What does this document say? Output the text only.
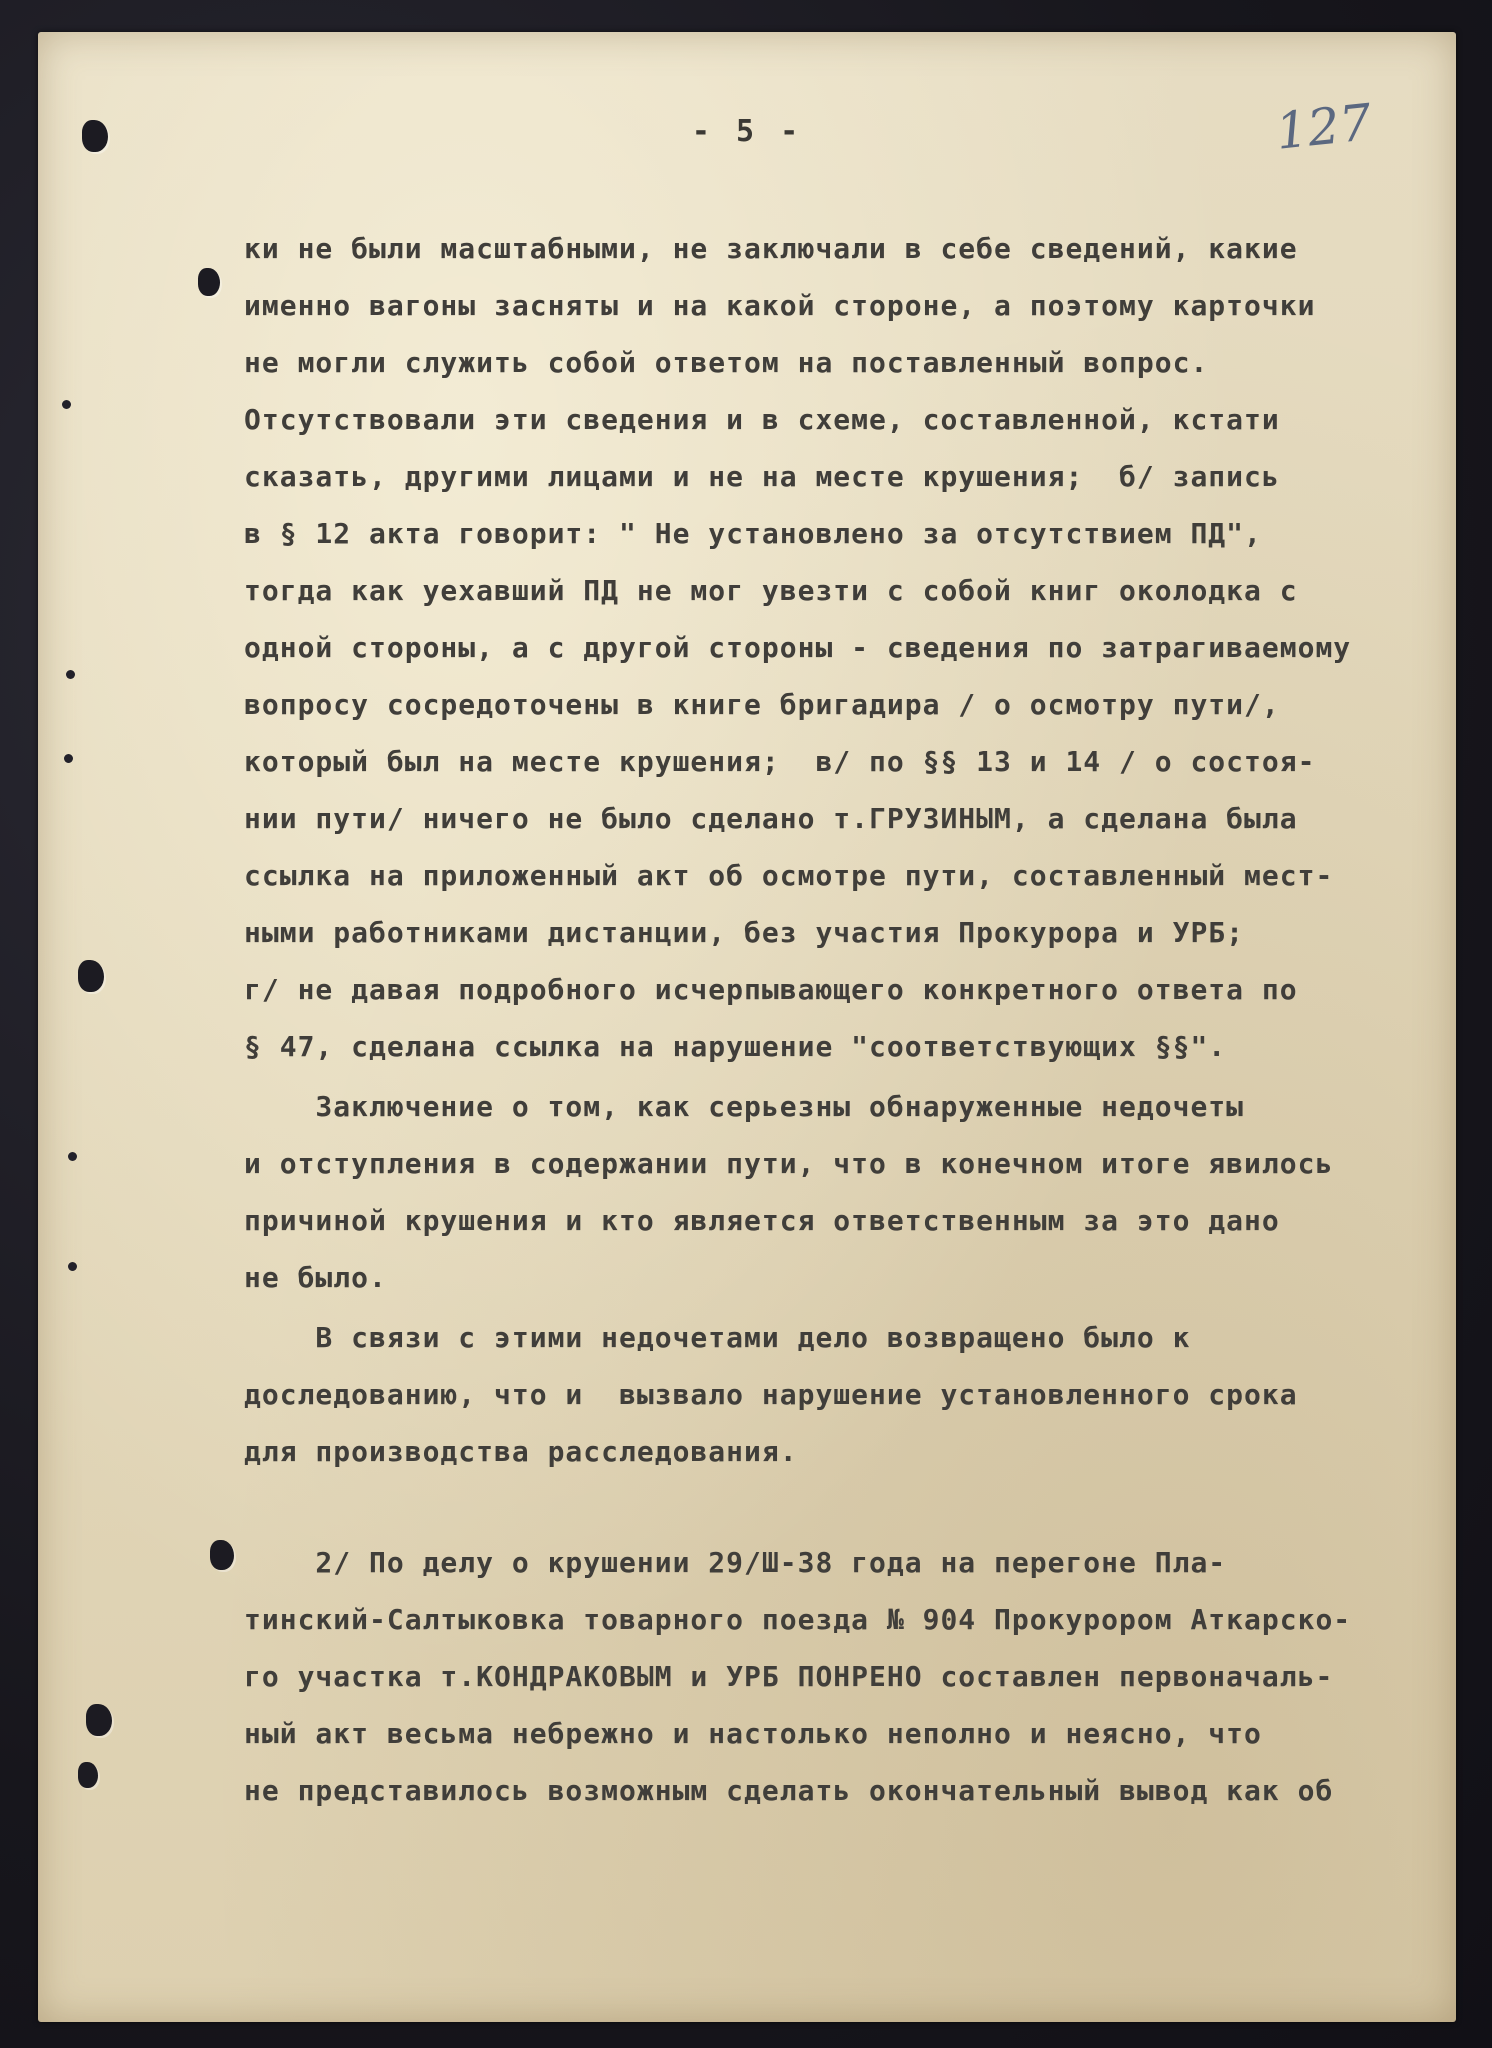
- 5 -	127
ки не были масштабными, не заключали в себе сведений, какие
именно вагоны засняты и на какой стороне, а поэтому карточки
не могли служить собой ответом на поставленный вопрос.
Отсутствовали эти сведения и в схеме, составленной, кстати
сказать, другими лицами и не на месте крушения;  б/ запись
в § 12 акта говорит: " Не установлено за отсутствием ПД",
тогда как уехавший ПД не мог увезти с собой книг околодка с
одной стороны, а с другой стороны - сведения по затрагиваемому
вопросу сосредоточены в книге бригадира / о осмотру пути/,
который был на месте крушения;  в/ по §§ 13 и 14 / о состоя-
нии пути/ ничего не было сделано т.ГРУЗИНЫМ, а сделана была
ссылка на приложенный акт об осмотре пути, составленный мест-
ными работниками дистанции, без участия Прокурора и УРБ;
г/ не давая подробного исчерпывающего конкретного ответа по
§ 47, сделана ссылка на нарушение "соответствующих §§".
Заключение о том, как серьезны обнаруженные недочеты
и отступления в содержании пути, что в конечном итоге явилось
причиной крушения и кто является ответственным за это дано
не было.
В связи с этими недочетами дело возвращено было к
доследованию, что и  вызвало нарушение установленного срока
для производства расследования.
2/ По делу о крушении 29/Ш-38 года на перегоне Пла-
тинский-Салтыковка товарного поезда № 904 Прокурором Аткарско-
го участка т.КОНДРАКОВЫМ и УРБ ПОНРЕНО составлен первоначаль-
ный акт весьма небрежно и настолько неполно и неясно, что
не представилось возможным сделать окончательный вывод как об
